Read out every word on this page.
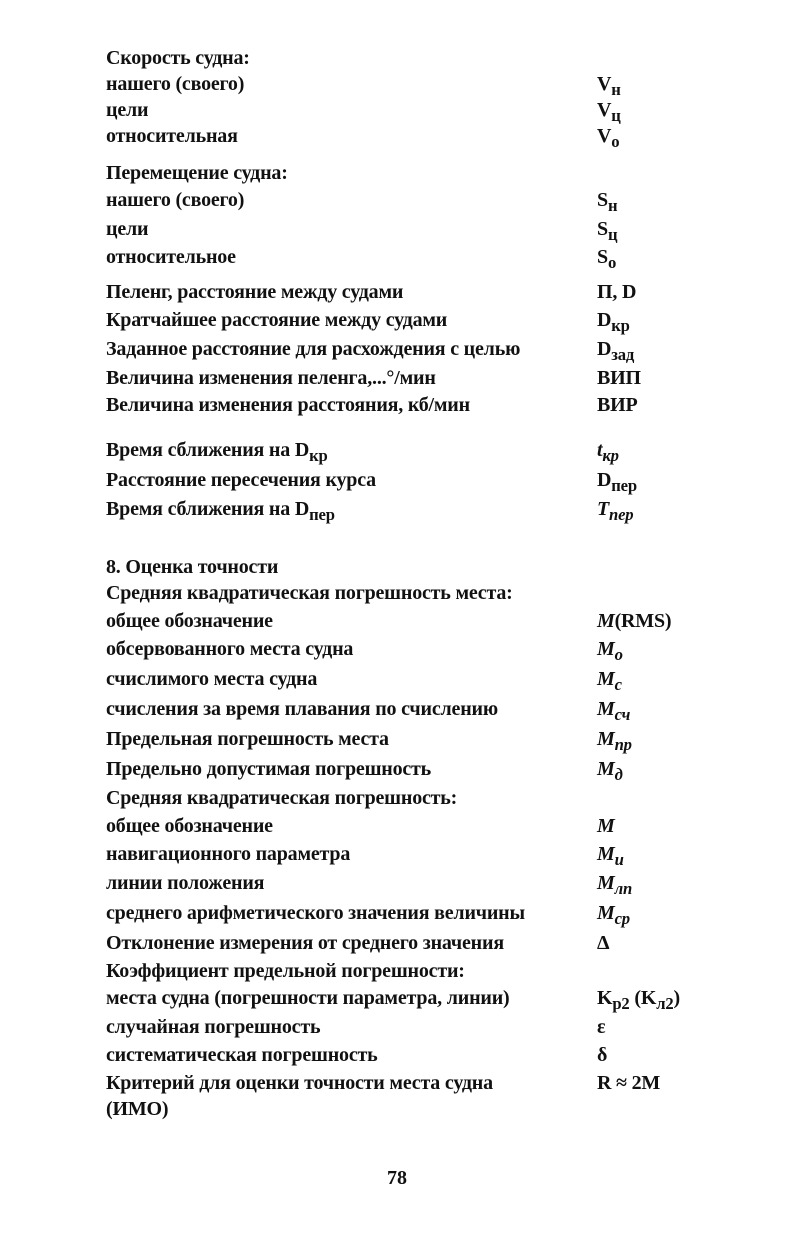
Скорость судна:
нашего (своего)	$V_н$
цели	$V_ц$
относительная	$V_о$
Перемещение судна:
нашего (своего)	$S_н$
цели	$S_ц$
относительное	$S_о$
Пеленг, расстояние между судами	П, D
Кратчайшее расстояние между судами	$D_{кр}$
Заданное расстояние для расхождения с целью	$D_{зад}$
Величина изменения пеленга,...°/мин	ВИП
Величина изменения расстояния, кб/мин	ВИР
Время сближения на $D_{кр}$	$t_{кр}$
Расстояние пересечения курса	$D_{пер}$
Время сближения на $D_{пер}$	$T_{пер}$
8. Оценка точности
Средняя квадратическая погрешность места:
общее обозначение	M(RMS)
обсервованного места судна	$M_о$
счислимого места судна	$M_с$
счисления за время плавания по счислению	$M_{сч}$
Предельная погрешность места	$M_{пр}$
Предельно допустимая погрешность	$M_д$
Средняя квадратическая погрешность:
общее обозначение	M
навигационного параметра	$M_и$
линии положения	$M_{лп}$
среднего арифметического значения величины	$M_{ср}$
Отклонение измерения от среднего значения	Δ
Коэффициент предельной погрешности:
места судна (погрешности параметра, линии)	$K_{р2}$ $(K_{л2})$
случайная погрешность	ε
систематическая погрешность	δ
Критерий для оценки точности места судна	R ≈ 2M
(ИМО)
78
